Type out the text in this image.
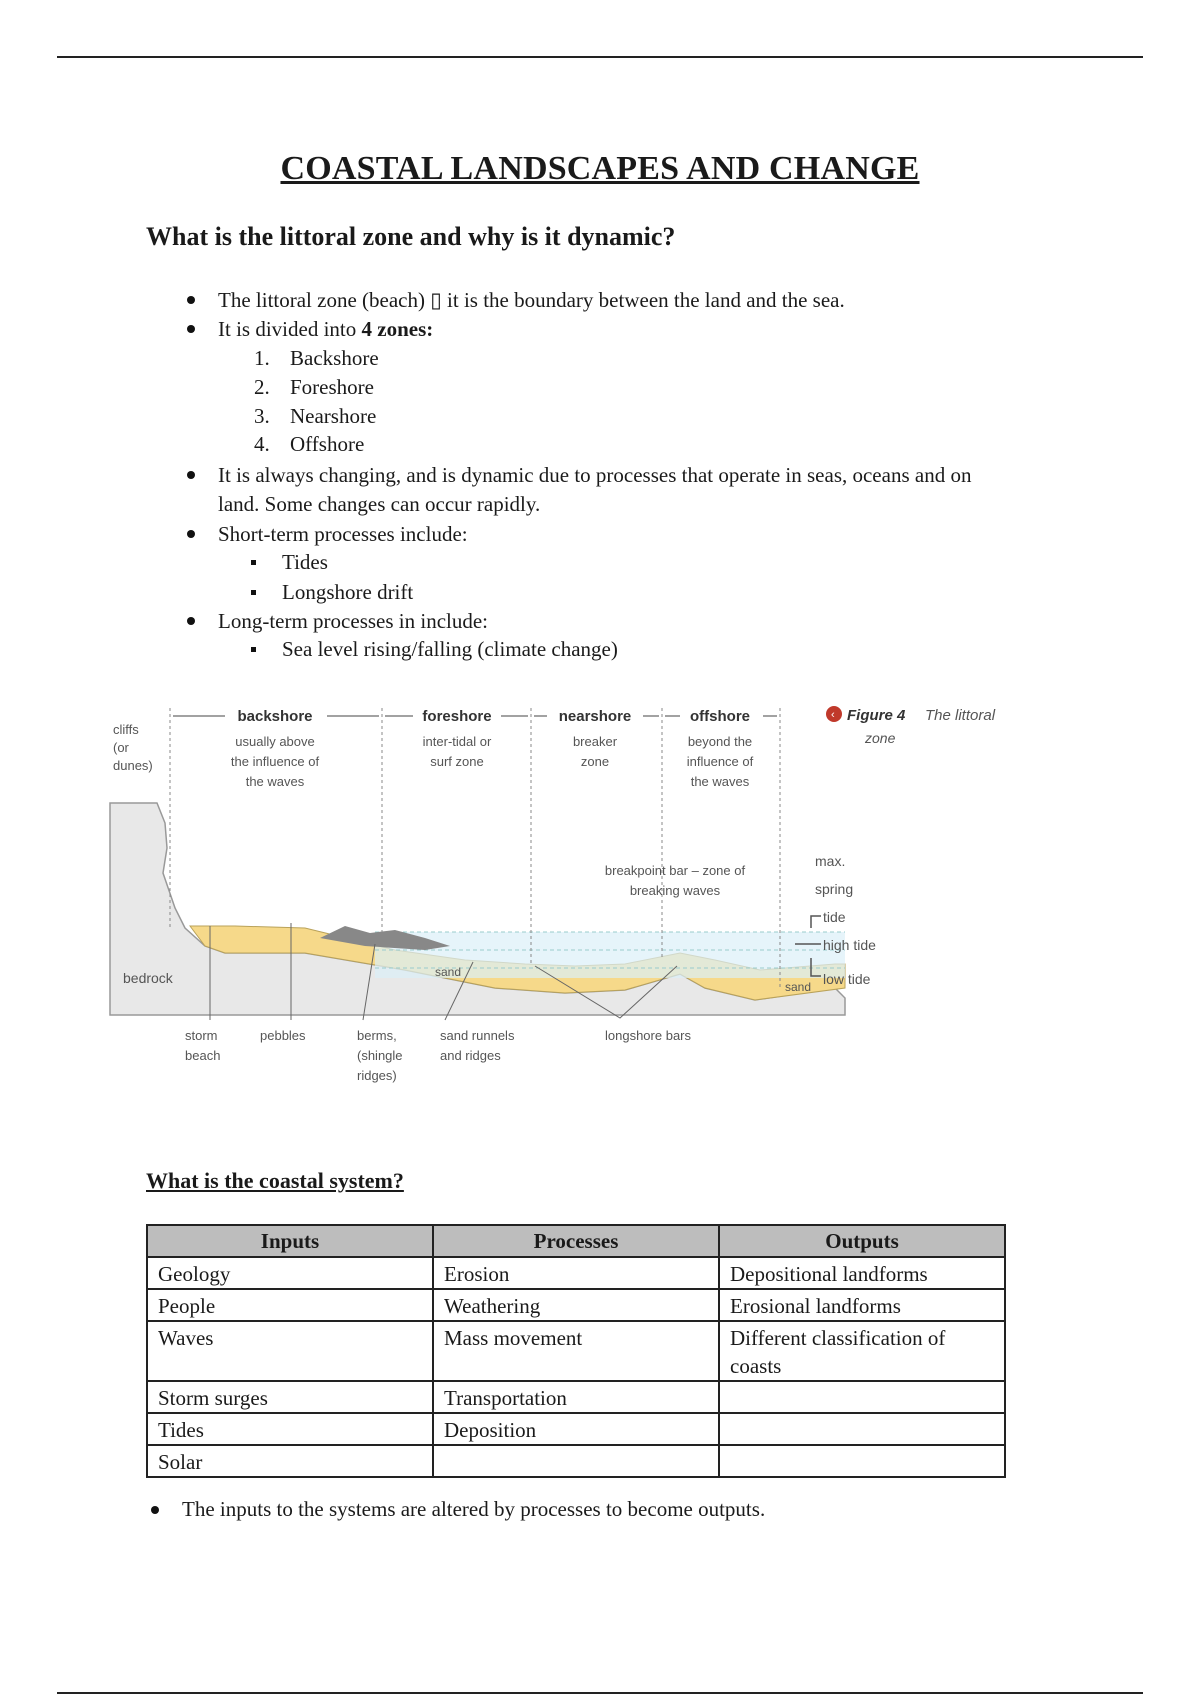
COASTAL LANDSCAPES AND CHANGE
What is the littoral zone and why is it dynamic?
The littoral zone (beach) ▯ it is the boundary between the land and the sea.
It is divided into 4 zones:
1. Backshore
2. Foreshore
3. Nearshore
4. Offshore
It is always changing, and is dynamic due to processes that operate in seas, oceans and on
land. Some changes can occur rapidly.
Short-term processes include:
Tides
Longshore drift
Long-term processes in include:
Sea level rising/falling (climate change)
backshore	foreshore	nearshore	offshore
usually above
the influence of
the waves
inter-tidal or
surf zone
breaker
zone
beyond the
influence of
the waves
‹ Figure 4 The littoral
zone
cliffs
(or
dunes)
bedrock
breakpoint bar – zone of
breaking waves
sand
sand
max.
spring
tide
high tide
low tide
storm
beach
pebbles	berms,
(shingle
ridges)
sand runnels
and ridges
longshore bars
What is the coastal system?
Inputs	Processes	Outputs
Geology	Erosion	Depositional landforms
People	Weathering	Erosional landforms
Waves	Mass movement	Different classification of coasts
Storm surges	Transportation	
Tides	Deposition	
Solar		
The inputs to the systems are altered by processes to become outputs.
